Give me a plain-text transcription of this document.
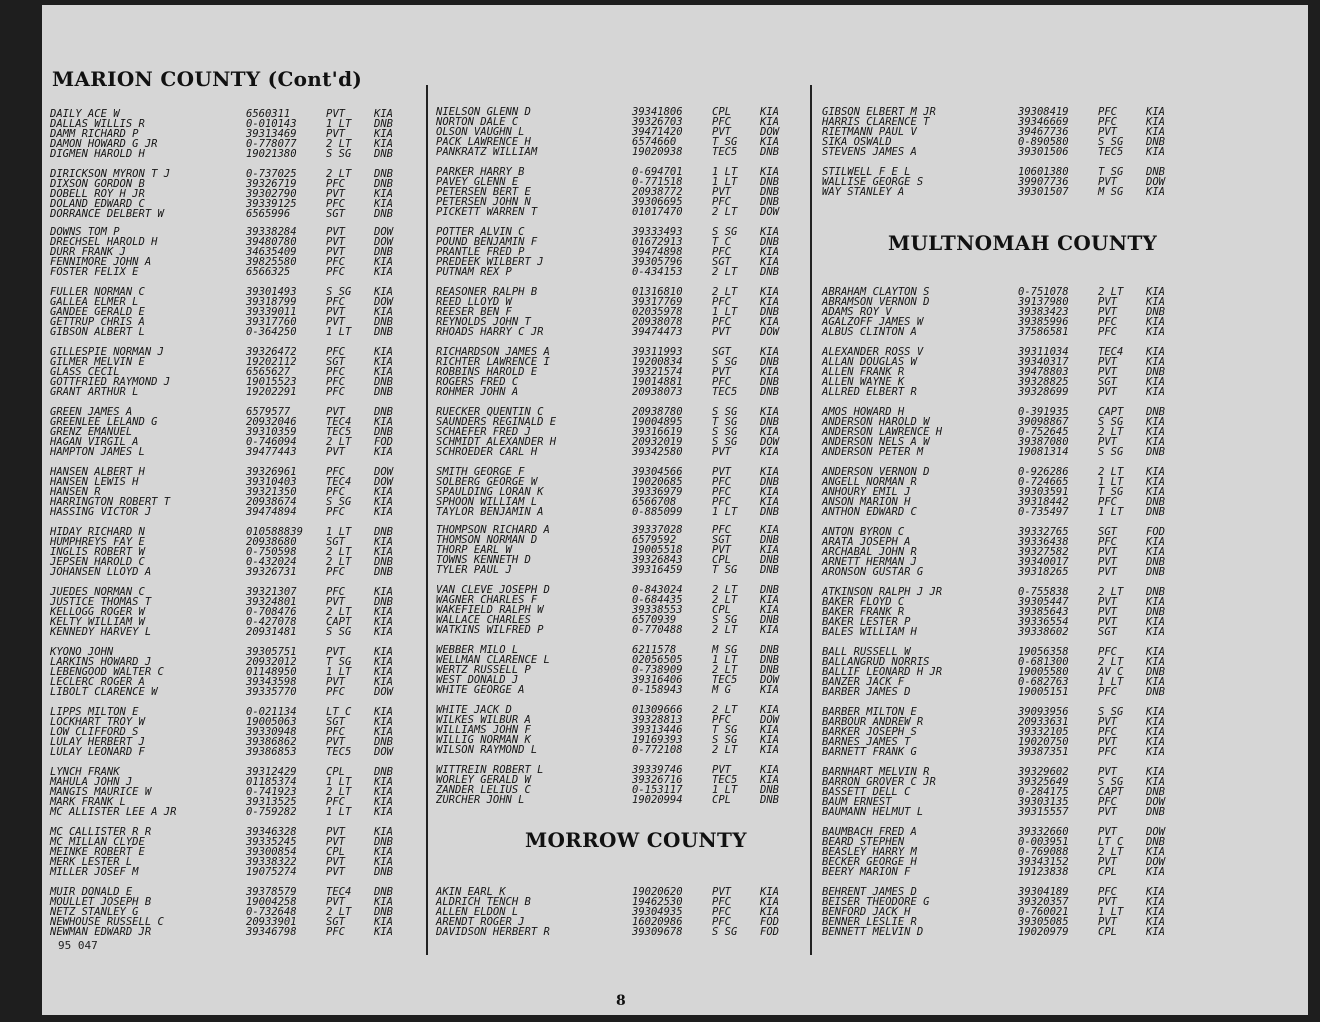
MARION COUNTY (Cont'd)
MORROW COUNTY
MULTNOMAH COUNTY
DAILY ACE W	6560311	PVT	KIA
DALLAS WILLIS R	0-010143	1 LT DNB
DAMM RICHARD P	39313469	PVT	KIA
DAMON HOWARD G JR	0-778077	2 LT KIA
DIGMEN HAROLD H	19021380	S SG DNB
DIRICKSON MYRON T J	0-737025	2 LT DNB
DIXSON GORDON B	39326719	PFC	DNB
DOBELL ROY H JR	39302790	PVT	KIA
DOLAND EDWARD C	39339125	PFC	KIA
DORRANCE DELBERT W	6565996	SGT	DNB
DOWNS TOM P	39338284	PVT	DOW
DRECHSEL HAROLD H	39480780	PVT	DOW
DURR FRANK J	34635409	PVT	DNB
FENNIMORE JOHN A	39825580	PFC	KIA
FOSTER FELIX E	6566325	PFC	KIA
FULLER NORMAN C	39301493	S SG KIA
GALLEA ELMER L	39318799	PFC	DOW
GANDEE GERALD E	39339011	PVT	KIA
GETTRUP CHRIS A	39317760	PVT	DNB
GIBSON ALBERT L	0-364250	1 LT DNB
GILLESPIE NORMAN J	39326472	PFC	KIA
GILMER MELVIN E	19202112	SGT	KIA
GLASS CECIL	6565627	PFC	KIA
GOTTFRIED RAYMOND J	19015523	PFC	DNB
GRANT ARTHUR L	19202291	PFC	DNB
GREEN JAMES A	6579577	PVT	DNB
GREENLEE LELAND G	20932046	TEC4 KIA
GRENZ EMANUEL	39310359	TEC5 DNB
HAGAN VIRGIL A	0-746094	2 LT FOD
HAMPTON JAMES L	39477443	PVT	KIA
HANSEN ALBERT H	39326961	PFC	DOW
HANSEN LEWIS H	39310403	TEC4 DOW
HANSEN R	39321350	PFC	KIA
HARRINGTON ROBERT T	20938674	S SG KIA
HASSING VICTOR J	39474894	PFC	KIA
HIDAY RICHARD N	010588839 1 LT DNB
HUMPHREYS FAY E	20938680	SGT	KIA
INGLIS ROBERT W	0-750598	2 LT KIA
JEPSEN HAROLD C	0-432024	2 LT DNB
JOHANSEN LLOYD A	39326731	PFC	DNB
JUEDES NORMAN C	39321307	PFC	KIA
JUSTICE THOMAS T	39324801	PVT	DNB
KELLOGG ROGER W	0-708476	2 LT KIA
KELTY WILLIAM W	0-427078	CAPT KIA
KENNEDY HARVEY L	20931481	S SG KIA
KYONO JOHN	39305751	PVT	KIA
LARKINS HOWARD J	20932012	T SG KIA
LEBENGOOD WALTER C	01148950	1 LT KIA
LECLERC ROGER A	39343598	PVT	KIA
LIBOLT CLARENCE W	39335770	PFC	DOW
LIPPS MILTON E	0-021134	LT C KIA
LOCKHART TROY W	19005063	SGT	KIA
LOW CLIFFORD S	39330948	PFC	KIA
LULAY HERBERT J	39386862	PVT	DNB
LULAY LEONARD F	39386853	TEC5 DOW
LYNCH FRANK	39312429	CPL	DNB
MAHULA JOHN J	01185374	1 LT KIA
MANGIS MAURICE W	0-741923	2 LT KIA
MARK FRANK L	39313525	PFC	KIA
MC ALLISTER LEE A JR	0-759282	1 LT KIA
MC CALLISTER R R	39346328	PVT	KIA
MC MILLAN CLYDE	39335245	PVT	DNB
MEINKE ROBERT E	39300854	CPL	KIA
MERK LESTER L	39338322	PVT	KIA
MILLER JOSEF M	19075274	PVT	DNB
MUIR DONALD E	39378579	TEC4 DNB
MOULLET JOSEPH B	19004258	PVT	KIA
NETZ STANLEY G	0-732648	2 LT DNB
NEWHOUSE RUSSELL C	20933901	SGT	KIA
NEWMAN EDWARD JR	39346798	PFC	KIA
NIELSON GLENN D	39341806	CPL	KIA
NORTON DALE C	39326703	PFC	KIA
OLSON VAUGHN L	39471420	PVT	DOW
PACK LAWRENCE H	6574660	T SG KIA
PANKRATZ WILLIAM	19020938	TEC5 DNB
PARKER HARRY B	0-694701	1 LT KIA
PAVEY GLENN E	0-771518	1 LT DNB
PETERSEN BERT E	20938772	PVT	DNB
PETERSEN JOHN N	39306695	PFC	DNB
PICKETT WARREN T	01017470	2 LT DOW
POTTER ALVIN C	39333493	S SG KIA
POUND BENJAMIN F	01672913	T C	DNB
PRANTLE FRED P	39474898	PFC	KIA
PREDEEK WILBERT J	39305796	SGT	KIA
PUTNAM REX P	0-434153	2 LT DNB
REASONER RALPH B	01316810	2 LT KIA
REED LLOYD W	39317769	PFC	KIA
REESER BEN F	02035978	1 LT DNB
REYNOLDS JOHN T	20938078	PFC	KIA
RHOADS HARRY C JR	39474473	PVT	DOW
RICHARDSON JAMES A	39311993	SGT	KIA
RICHTER LAWRENCE I	19200834	S SG DNB
ROBBINS HAROLD E	39321574	PVT	KIA
ROGERS FRED C	19014881	PFC	DNB
ROHMER JOHN A	20938073	TEC5 DNB
RUECKER QUENTIN C	20938780	S SG KIA
SAUNDERS REGINALD E	19004895	T SG DNB
SCHAEFER FRED J	39316619	S SG KIA
SCHMIDT ALEXANDER H	20932019	S SG DOW
SCHROEDER CARL H	39342580	PVT	KIA
SMITH GEORGE F	39304566	PVT	KIA
SOLBERG GEORGE W	19020685	PFC	DNB
SPAULDING LORAN K	39336979	PFC	KIA
SPHOON WILLIAM L	6566708	PFC	KIA
TAYLOR BENJAMIN A	0-885099	1 LT DNB
THOMPSON RICHARD A	39337028	PFC	KIA
THOMSON NORMAN D	6579592	SGT	DNB
THORP EARL W	19005518	PVT	KIA
TOWNS KENNETH D	39326843	CPL	DNB
TYLER PAUL J	39316459	T SG DNB
VAN CLEVE JOSEPH D	0-843024	2 LT DNB
WAGNER CHARLES F	0-684435	2 LT KIA
WAKEFIELD RALPH W	39338553	CPL	KIA
WALLACE CHARLES	6570939	S SG DNB
WATKINS WILFRED P	0-770488	2 LT KIA
WEBBER MILO L	6211578	M SG DNB
WELLMAN CLARENCE L	02056505	1 LT DNB
WERTZ RUSSELL P	0-738909	2 LT DNB
WEST DONALD J	39316406	TEC5 DOW
WHITE GEORGE A	0-158943	M G	KIA
WHITE JACK D	01309666	2 LT KIA
WILKES WILBUR A	39328813	PFC	DOW
WILLIAMS JOHN F	39313446	T SG KIA
WILLIG NORMAN K	19169393	S SG KIA
WILSON RAYMOND L	0-772108	2 LT KIA
WITTREIN ROBERT L	39339746	PVT	KIA
WORLEY GERALD W	39326716	TEC5 KIA
ZANDER LELIUS C	0-153117	1 LT DNB
ZURCHER JOHN L	19020994	CPL	DNB
AKIN EARL K	19020620	PVT	KIA
ALDRICH TENCH B	19462530	PFC	KIA
ALLEN ELDON L	39304935	PFC	KIA
ARENDT ROGER J	16020986	PFC	FOD
DAVIDSON HERBERT R	39309678	S SG FOD
GIBSON ELBERT M JR	39308419	PFC	KIA
HARRIS CLARENCE T	39346669	PFC	KIA
RIETMANN PAUL V	39467736	PVT	KIA
SIKA OSWALD	0-890580	S SG DNB
STEVENS JAMES A	39301506	TEC5 KIA
STILWELL F E L	10601380	T SG DNB
WALLISE GEORGE S	39907736	PVT	DOW
WAY STANLEY A	39301507	M SG KIA
ABRAHAM CLAYTON S	0-751078	2 LT KIA
ABRAMSON VERNON D	39137980	PVT	KIA
ADAMS ROY V	39383423	PVT	DNB
AGALZOFF JAMES W	39385996	PFC	KIA
ALBUS CLINTON A	37586581	PFC	KIA
ALEXANDER ROSS V	39311034	TEC4 KIA
ALLAN DOUGLAS W	39340317	PVT	KIA
ALLEN FRANK R	39478803	PVT	DNB
ALLEN WAYNE K	39328825	SGT	KIA
ALLRED ELBERT R	39328699	PVT	KIA
AMOS HOWARD H	0-391935	CAPT DNB
ANDERSON HAROLD W	39098867	S SG KIA
ANDERSON LAWRENCE H	0-752645	2 LT KIA
ANDERSON NELS A W	39387080	PVT	KIA
ANDERSON PETER M	19081314	S SG DNB
ANDERSON VERNON D	0-926286	2 LT KIA
ANGELL NORMAN R	0-724665	1 LT KIA
ANHOURY EMIL J	39303591	T SG KIA
ANSON MARION H	39318442	PFC	DNB
ANTHON EDWARD C	0-735497	1 LT DNB
ANTON BYRON C	39332765	SGT	FOD
ARATA JOSEPH A	39336438	PFC	KIA
ARCHABAL JOHN R	39327582	PVT	KIA
ARNETT HERMAN J	39340017	PVT	DNB
ARONSON GUSTAR G	39318265	PVT	DNB
ATKINSON RALPH J JR	0-755838	2 LT DNB
BAKER FLOYD C	39305447	PVT	KIA
BAKER FRANK R	39385643	PVT	DNB
BAKER LESTER P	39336554	PVT	KIA
BALES WILLIAM H	39338602	SGT	KIA
BALL RUSSELL W	19056358	PFC	KIA
BALLANGRUD NORRIS	0-681300	2 LT KIA
BALLIF LEONARD H JR	19005580	AV C DNB
BANZER JACK F	0-682763	1 LT KIA
BARBER JAMES D	19005151	PFC	DNB
BARBER MILTON E	39093956	S SG KIA
BARBOUR ANDREW R	20933631	PVT	KIA
BARKER JOSEPH S	39332105	PFC	KIA
BARNES JAMES T	19020750	PVT	KIA
BARNETT FRANK G	39387351	PFC	KIA
BARNHART MELVIN R	39329602	PVT	KIA
BARRON GROVER C JR	39325649	S SG KIA
BASSETT DELL C	0-284175	CAPT DNB
BAUM ERNEST	39303135	PFC	DOW
BAUMANN HELMUT L	39315557	PVT	DNB
BAUMBACH FRED A	39332660	PVT	DOW
BEARD STEPHEN	0-003951	LT C DNB
BEASLEY HARRY M	0-769088	2 LT KIA
BECKER GEORGE H	39343152	PVT	DOW
BEERY MARION F	19123838	CPL	KIA
BEHRENT JAMES D	39304189	PFC	KIA
BEISER THEODORE G	39320357	PVT	KIA
BENFORD JACK H	0-760021	1 LT KIA
BENNER LESLIE R	39305085	PVT	KIA
BENNETT MELVIN D	19020979	CPL	KIA
95 047
8
